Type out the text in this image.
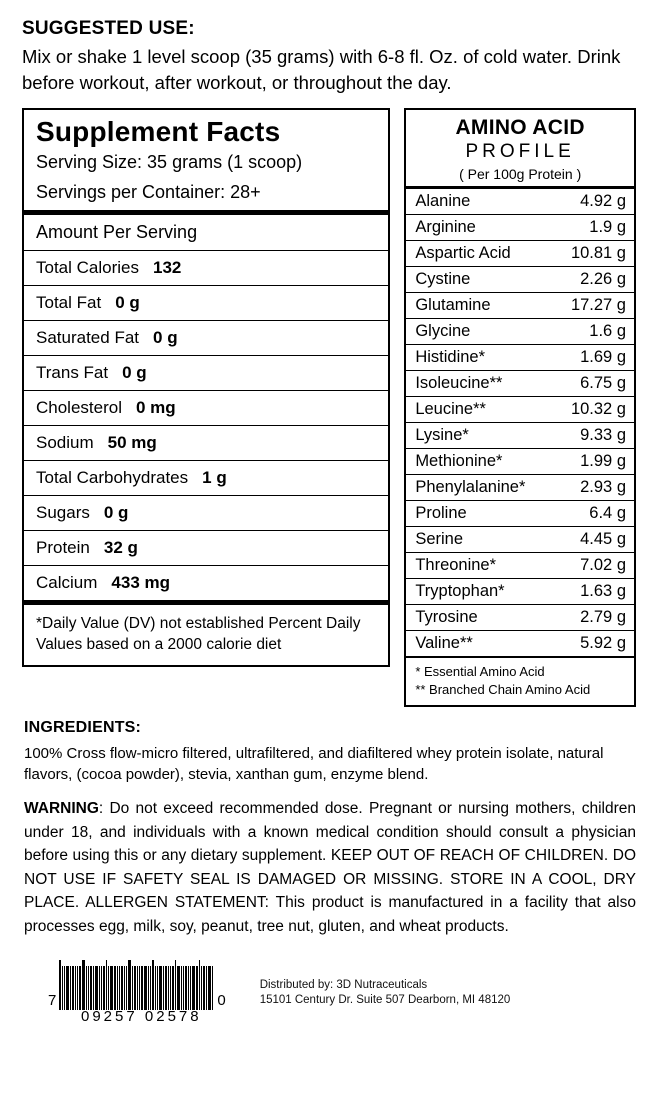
SUGGESTED USE:
Mix or shake 1 level scoop (35 grams) with 6-8 fl. Oz. of cold water. Drink before workout, after workout, or throughout the day.
Supplement Facts
Serving Size: 35 grams (1 scoop)
Servings per Container: 28+
Amount Per Serving
Total Calories 132
Total Fat 0 g
Saturated Fat 0 g
Trans Fat 0 g
Cholesterol 0 mg
Sodium 50 mg
Total Carbohydrates 1 g
Sugars 0 g
Protein 32 g
Calcium 433 mg
*Daily Value (DV) not established Percent Daily Values based on a 2000 calorie diet
AMINO ACID
PROFILE
( Per 100g Protein )
Alanine	4.92 g
Arginine	1.9 g
Aspartic Acid	10.81 g
Cystine	2.26 g
Glutamine	17.27 g
Glycine	1.6 g
Histidine*	1.69 g
Isoleucine**	6.75 g
Leucine**	10.32 g
Lysine*	9.33 g
Methionine*	1.99 g
Phenylalanine*	2.93 g
Proline	6.4 g
Serine	4.45 g
Threonine*	7.02 g
Tryptophan*	1.63 g
Tyrosine	2.79 g
Valine**	5.92 g
* Essential Amino Acid
** Branched Chain Amino Acid
INGREDIENTS:
100% Cross flow-micro filtered, ultrafiltered, and diafiltered whey protein isolate, natural flavors, (cocoa powder), stevia, xanthan gum, enzyme blend.
WARNING: Do not exceed recommended dose. Pregnant or nursing mothers, children under 18, and individuals with a known medical condition should consult a physician before using this or any dietary supplement. KEEP OUT OF REACH OF CHILDREN. DO NOT USE IF SAFETY SEAL IS DAMAGED OR MISSING. STORE IN A COOL, DRY PLACE. ALLERGEN STATEMENT: This product is manufactured in a facility that also processes egg, milk, soy, peanut, tree nut, gluten, and wheat products.
7	0
Distributed by: 3D Nutraceuticals
15101 Century Dr. Suite 507 Dearborn, MI 48120
09257 02578
